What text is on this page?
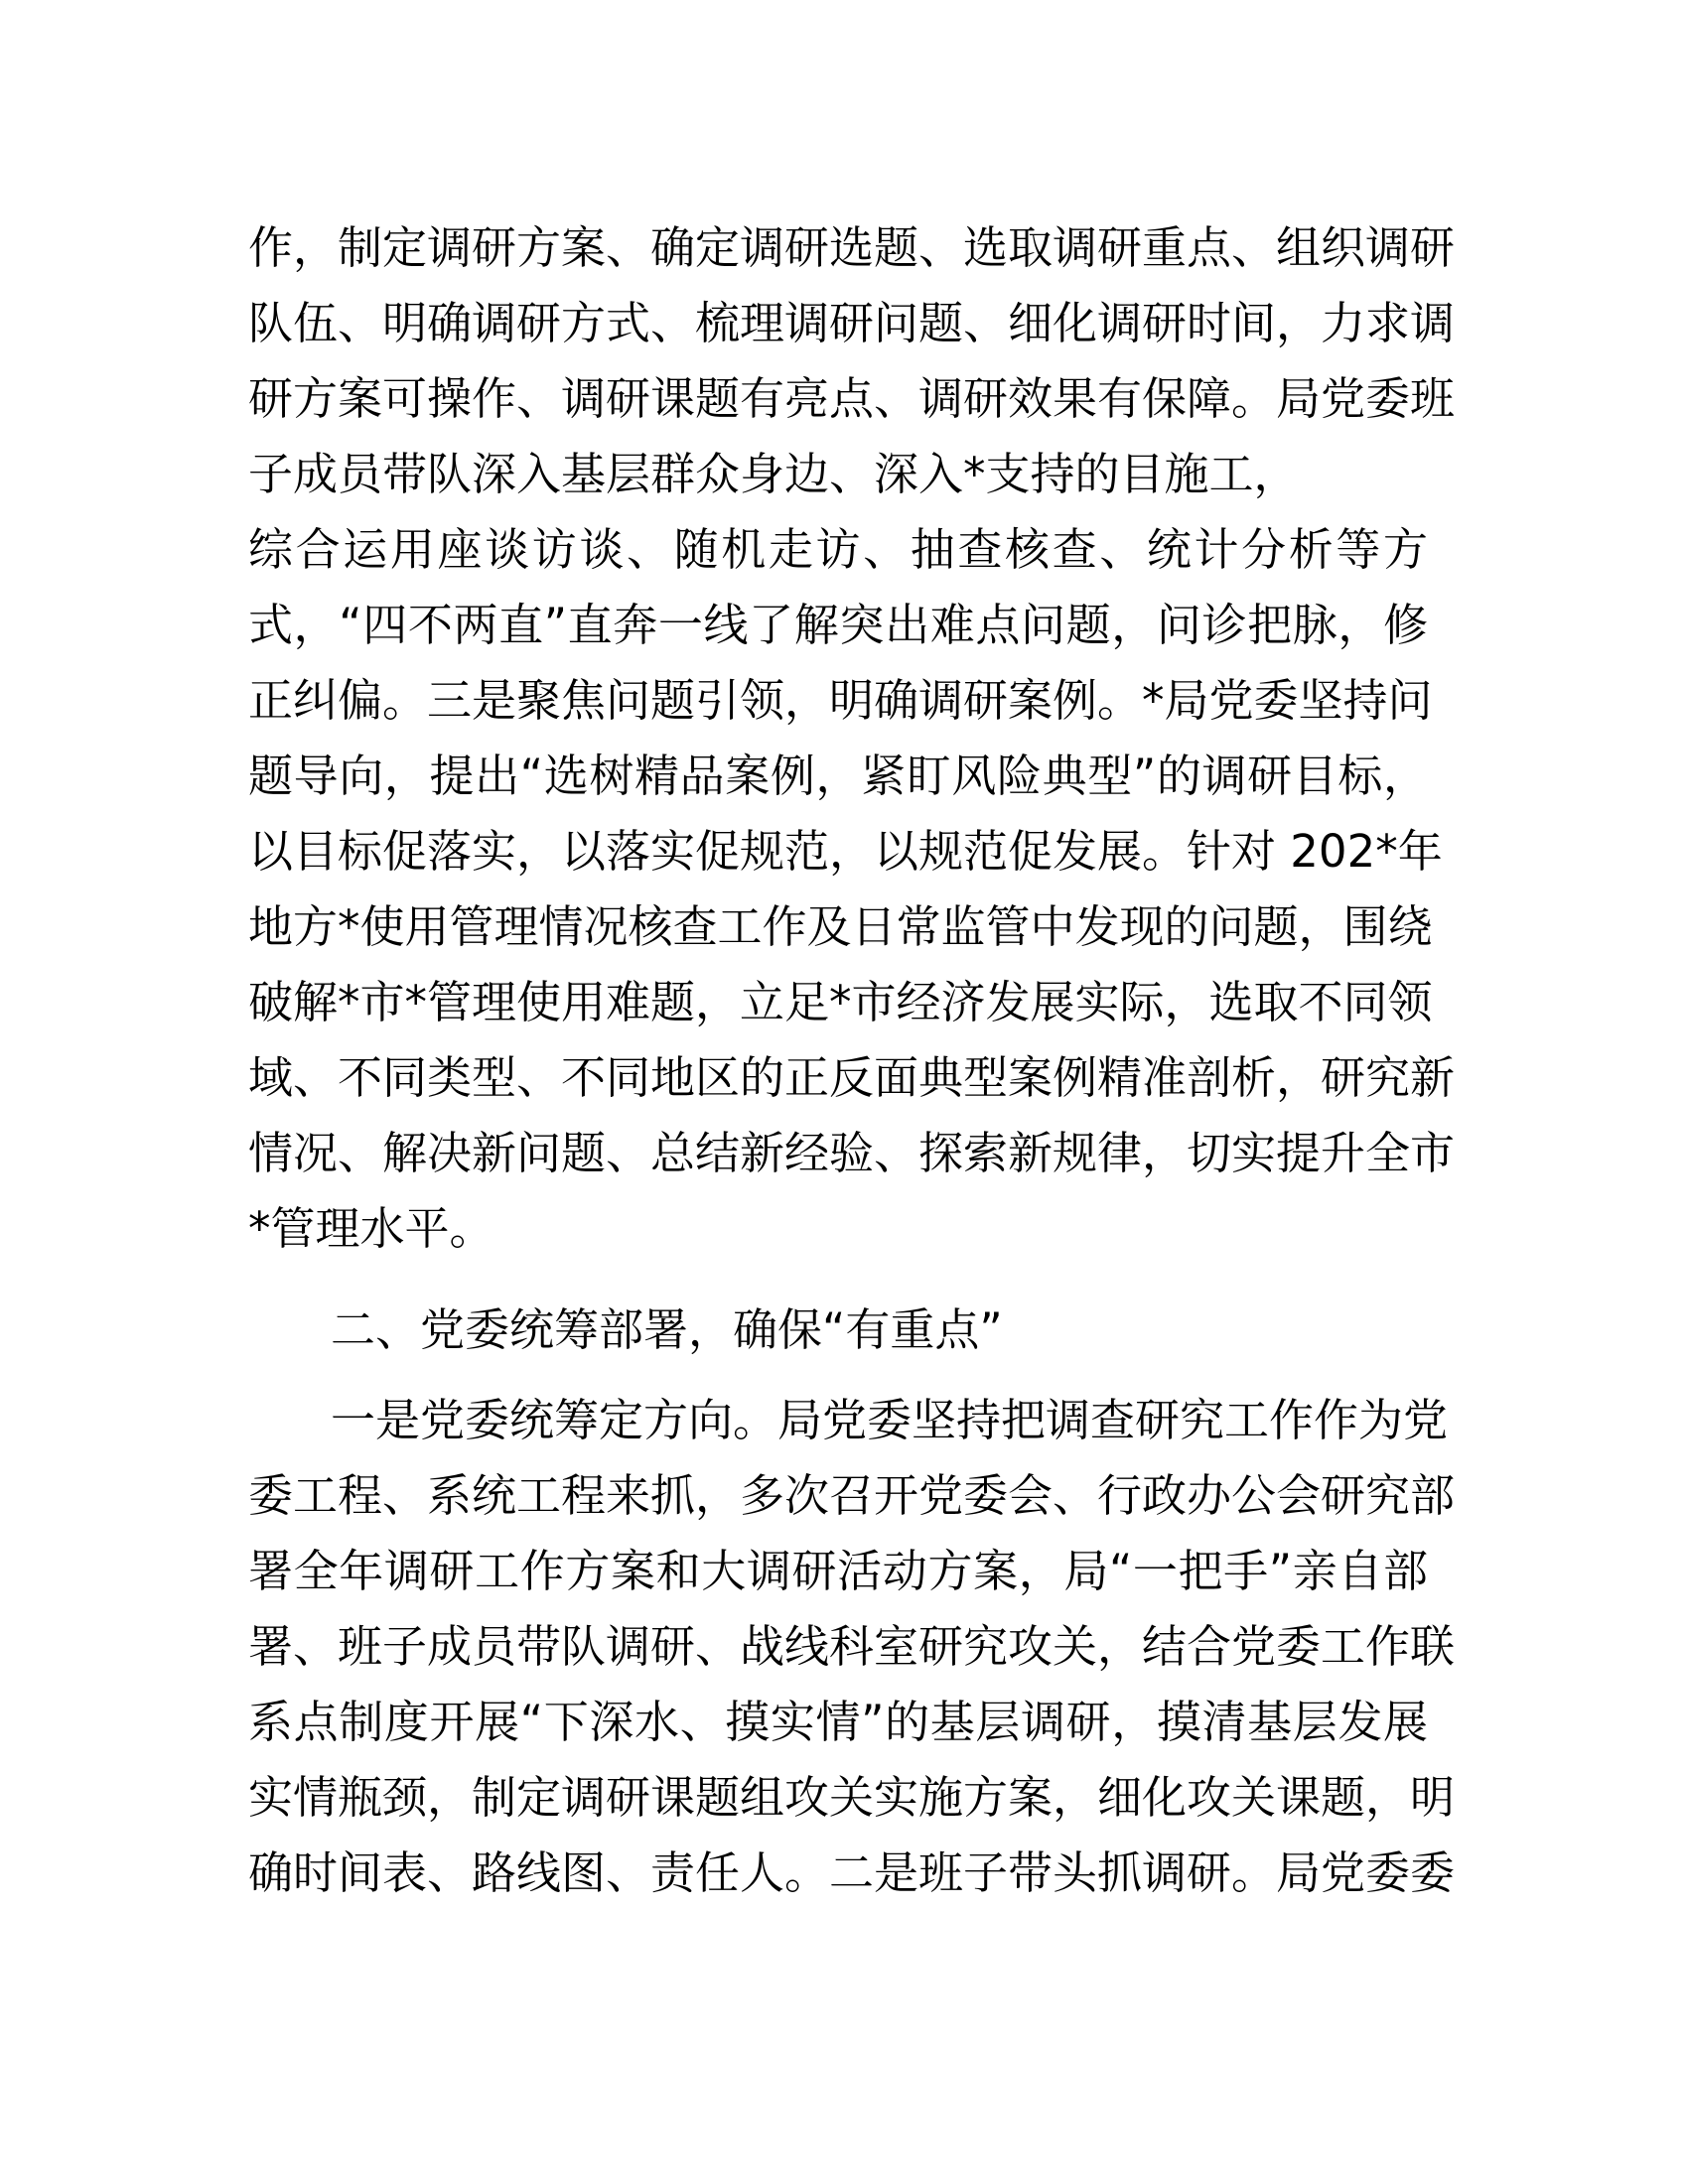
作，制定调研方案、确定调研选题、选取调研重点、组织调研
队伍、明确调研方式、梳理调研问题、细化调研时间，力求调
研方案可操作、调研课题有亮点、调研效果有保障。局党委班
子成员带队深入基层群众身边、深入*支持的目施工，
综合运用座谈访谈、随机走访、抽查核查、统计分析等方
式，“四不两直”直奔一线了解突出难点问题，问诊把脉，修
正纠偏。三是聚焦问题引领，明确调研案例。*局党委坚持问
题导向，提出“选树精品案例，紧盯风险典型”的调研目标，
以目标促落实，以落实促规范，以规范促发展。针对 202*年
地方*使用管理情况核查工作及日常监管中发现的问题，围绕
破解*市*管理使用难题，立足*市经济发展实际，选取不同领
域、不同类型、不同地区的正反面典型案例精准剖析，研究新
情况、解决新问题、总结新经验、探索新规律，切实提升全市
*管理水平。
二、党委统筹部署，确保“有重点”
一是党委统筹定方向。局党委坚持把调查研究工作作为党
委工程、系统工程来抓，多次召开党委会、行政办公会研究部
署全年调研工作方案和大调研活动方案，局“一把手”亲自部
署、班子成员带队调研、战线科室研究攻关，结合党委工作联
系点制度开展“下深水、摸实情”的基层调研，摸清基层发展
实情瓶颈，制定调研课题组攻关实施方案，细化攻关课题，明
确时间表、路线图、责任人。二是班子带头抓调研。局党委委
